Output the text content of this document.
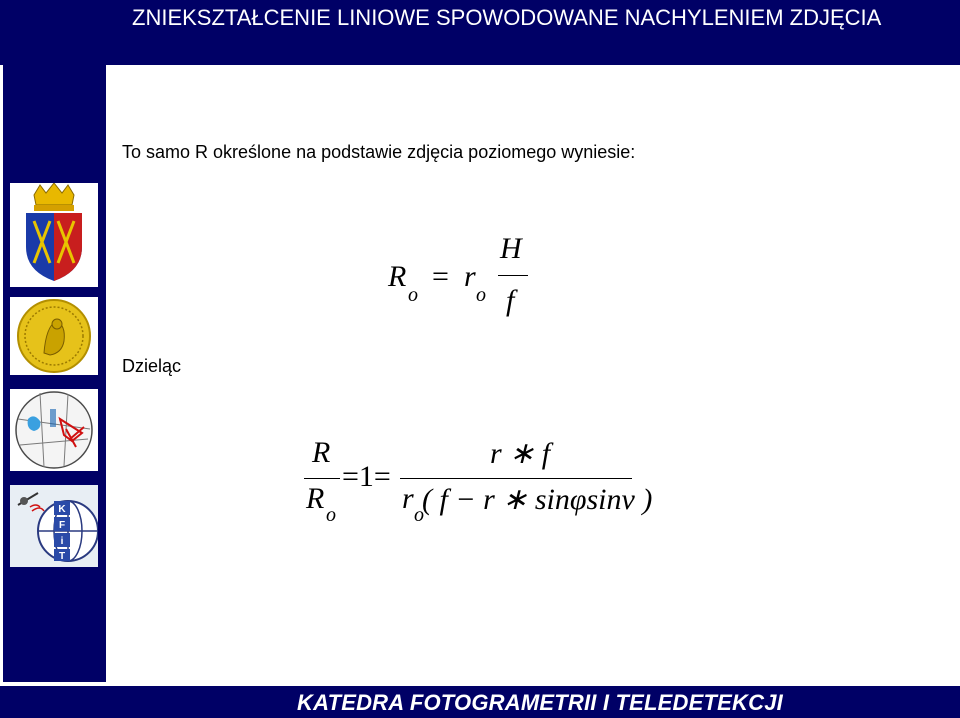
ZNIEKSZTAŁCENIE LINIOWE SPOWODOWANE NACHYLENIEM ZDJĘCIA
K
F
i
T

To samo R określone na podstawie zdjęcia poziomego wyniesie:

Dzieląc

R
o
= r
o
H
f
R
R o
=1=
r ∗ f
r o
( f − r ∗ sinφsinν )
KATEDRA FOTOGRAMETRII I TELEDETEKCJI
